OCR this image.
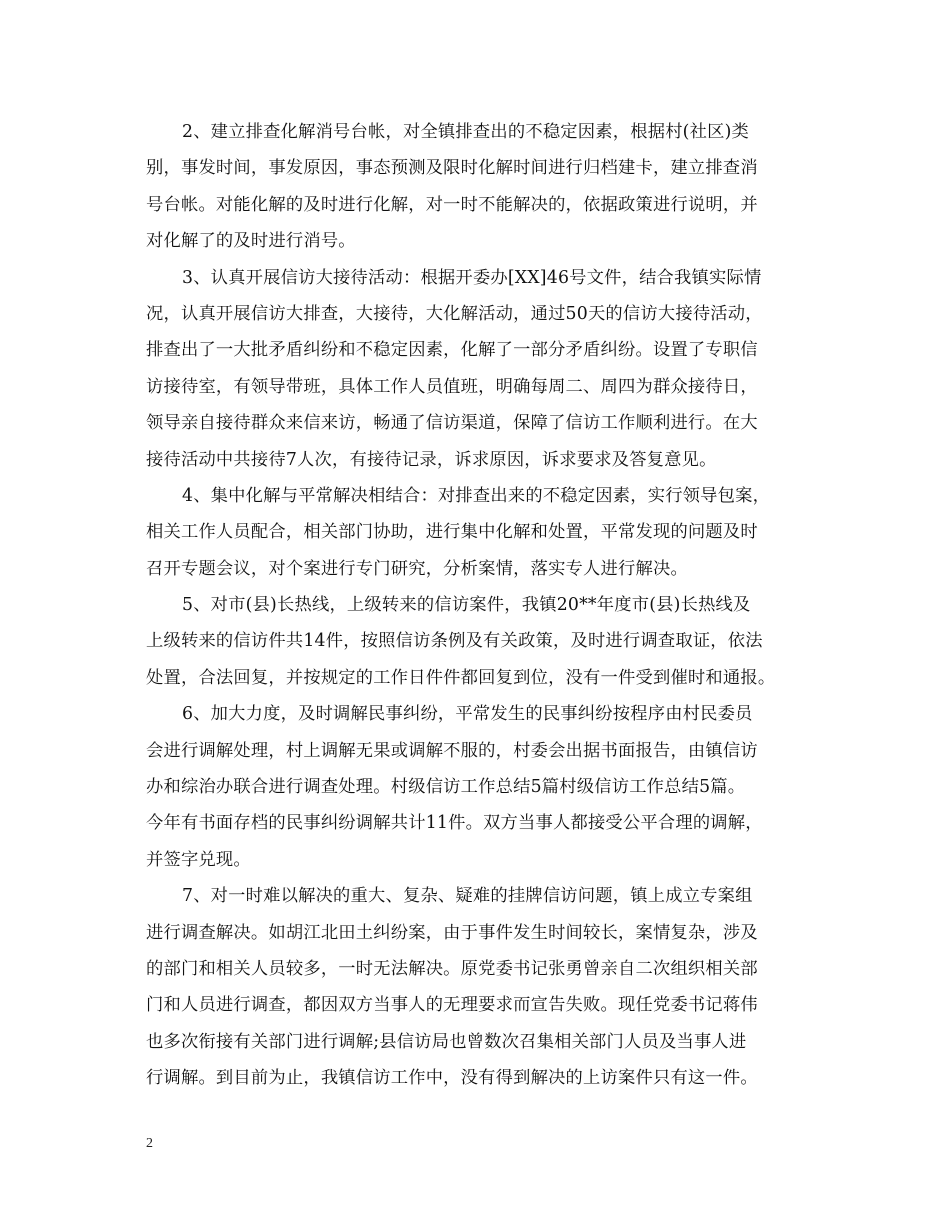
2、建立排查化解消号台帐，对全镇排查出的不稳定因素，根据村(社区)类

别，事发时间，事发原因，事态预测及限时化解时间进行归档建卡，建立排查消

号台帐。对能化解的及时进行化解，对一时不能解决的，依据政策进行说明，并

对化解了的及时进行消号。

3、认真开展信访大接待活动：根据开委办[XX]46号文件，结合我镇实际情

况，认真开展信访大排查，大接待，大化解活动，通过50天的信访大接待活动，

排查出了一大批矛盾纠纷和不稳定因素，化解了一部分矛盾纠纷。设置了专职信

访接待室，有领导带班，具体工作人员值班，明确每周二、周四为群众接待日，

领导亲自接待群众来信来访，畅通了信访渠道，保障了信访工作顺利进行。在大

接待活动中共接待7人次，有接待记录，诉求原因，诉求要求及答复意见。

4、集中化解与平常解决相结合：对排查出来的不稳定因素，实行领导包案，

相关工作人员配合，相关部门协助，进行集中化解和处置，平常发现的问题及时

召开专题会议，对个案进行专门研究，分析案情，落实专人进行解决。

5、对市(县)长热线，上级转来的信访案件，我镇20**年度市(县)长热线及

上级转来的信访件共14件，按照信访条例及有关政策，及时进行调查取证，依法

处置，合法回复，并按规定的工作日件件都回复到位，没有一件受到催时和通报。

6、加大力度，及时调解民事纠纷，平常发生的民事纠纷按程序由村民委员

会进行调解处理，村上调解无果或调解不服的，村委会出据书面报告，由镇信访

办和综治办联合进行调查处理。村级信访工作总结5篇村级信访工作总结5篇。

今年有书面存档的民事纠纷调解共计11件。双方当事人都接受公平合理的调解，

并签字兑现。

7、对一时难以解决的重大、复杂、疑难的挂牌信访问题，镇上成立专案组

进行调查解决。如胡江北田土纠纷案，由于事件发生时间较长，案情复杂，涉及

的部门和相关人员较多，一时无法解决。原党委书记张勇曾亲自二次组织相关部

门和人员进行调查，都因双方当事人的无理要求而宣告失败。现任党委书记蒋伟

也多次衔接有关部门进行调解;县信访局也曾数次召集相关部门人员及当事人进

行调解。到目前为止，我镇信访工作中，没有得到解决的上访案件只有这一件。

2
